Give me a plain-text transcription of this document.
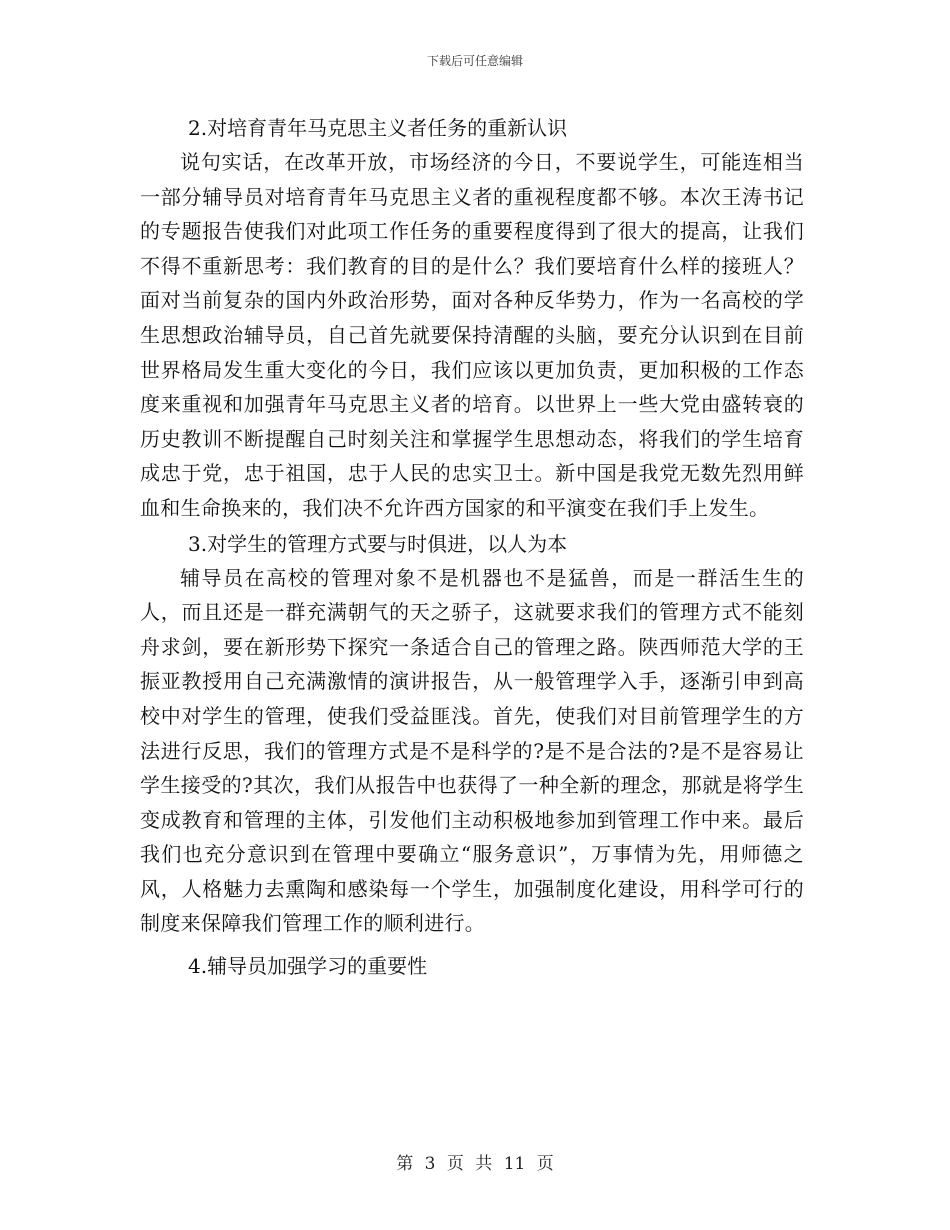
下载后可任意编辑
2.对培育青年马克思主义者任务的重新认识

说句实话，在改革开放，市场经济的今日，不要说学生，可能连相当一部分辅导员对培育青年马克思主义者的重视程度都不够。本次王涛书记的专题报告使我们对此项工作任务的重要程度得到了很大的提高，让我们不得不重新思考：我们教育的目的是什么？我们要培育什么样的接班人？面对当前复杂的国内外政治形势，面对各种反华势力，作为一名高校的学生思想政治辅导员，自己首先就要保持清醒的头脑，要充分认识到在目前世界格局发生重大变化的今日，我们应该以更加负责，更加积极的工作态度来重视和加强青年马克思主义者的培育。以世界上一些大党由盛转衰的历史教训不断提醒自己时刻关注和掌握学生思想动态，将我们的学生培育成忠于党，忠于祖国，忠于人民的忠实卫士。新中国是我党无数先烈用鲜血和生命换来的，我们决不允许西方国家的和平演变在我们手上发生。

3.对学生的管理方式要与时俱进，以人为本

辅导员在高校的管理对象不是机器也不是猛兽，而是一群活生生的人，而且还是一群充满朝气的天之骄子，这就要求我们的管理方式不能刻舟求剑，要在新形势下探究一条适合自己的管理之路。陕西师范大学的王振亚教授用自己充满激情的演讲报告，从一般管理学入手，逐渐引申到高校中对学生的管理，使我们受益匪浅。首先，使我们对目前管理学生的方法进行反思，我们的管理方式是不是科学的?是不是合法的?是不是容易让学生接受的?其次，我们从报告中也获得了一种全新的理念，那就是将学生变成教育和管理的主体，引发他们主动积极地参加到管理工作中来。最后我们也充分意识到在管理中要确立“服务意识”，万事情为先，用师德之风，人格魅力去熏陶和感染每一个学生，加强制度化建设，用科学可行的制度来保障我们管理工作的顺利进行。

4.辅导员加强学习的重要性
第 3 页 共 11 页
